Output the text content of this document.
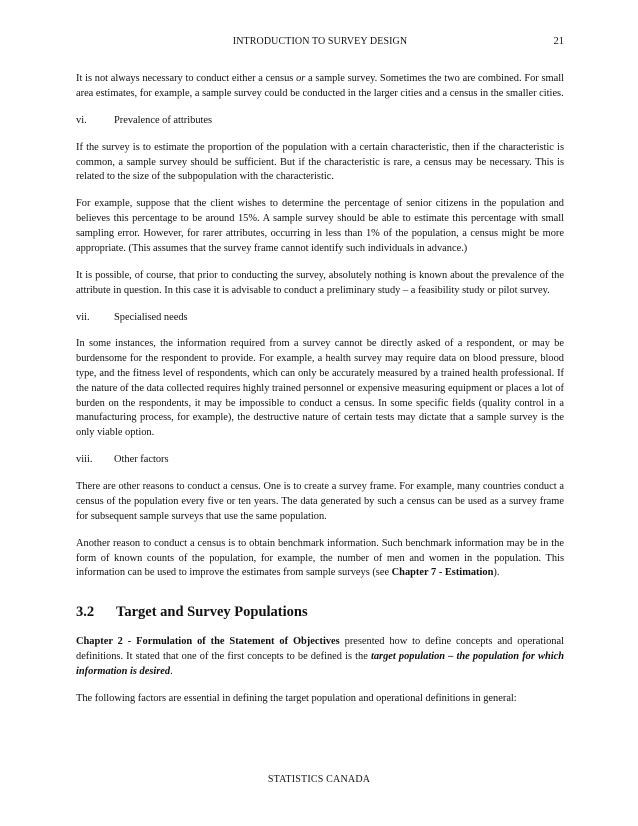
INTRODUCTION TO SURVEY DESIGN	21

It is not always necessary to conduct either a census or a sample survey. Sometimes the two are combined. For small area estimates, for example, a sample survey could be conducted in the larger cities and a census in the smaller cities.

vi.	Prevalence of attributes

If the survey is to estimate the proportion of the population with a certain characteristic, then if the characteristic is common, a sample survey should be sufficient. But if the characteristic is rare, a census may be necessary. This is related to the size of the subpopulation with the characteristic.

For example, suppose that the client wishes to determine the percentage of senior citizens in the population and believes this percentage to be around 15%. A sample survey should be able to estimate this percentage with small sampling error. However, for rarer attributes, occurring in less than 1% of the population, a census might be more appropriate. (This assumes that the survey frame cannot identify such individuals in advance.)

It is possible, of course, that prior to conducting the survey, absolutely nothing is known about the prevalence of the attribute in question. In this case it is advisable to conduct a preliminary study – a feasibility study or pilot survey.

vii.	Specialised needs

In some instances, the information required from a survey cannot be directly asked of a respondent, or may be burdensome for the respondent to provide. For example, a health survey may require data on blood pressure, blood type, and the fitness level of respondents, which can only be accurately measured by a trained health professional. If the nature of the data collected requires highly trained personnel or expensive measuring equipment or places a lot of burden on the respondents, it may be impossible to conduct a census. In some specific fields (quality control in a manufacturing process, for example), the destructive nature of certain tests may dictate that a sample survey is the only viable option.

viii.	Other factors

There are other reasons to conduct a census. One is to create a survey frame. For example, many countries conduct a census of the population every five or ten years. The data generated by such a census can be used as a survey frame for subsequent sample surveys that use the same population.

Another reason to conduct a census is to obtain benchmark information. Such benchmark information may be in the form of known counts of the population, for example, the number of men and women in the population. This information can be used to improve the estimates from sample surveys (see Chapter 7 - Estimation).

3.2	Target and Survey Populations

Chapter 2 - Formulation of the Statement of Objectives presented how to define concepts and operational definitions. It stated that one of the first concepts to be defined is the target population – the population for which information is desired.

The following factors are essential in defining the target population and operational definitions in general:

STATISTICS CANADA
